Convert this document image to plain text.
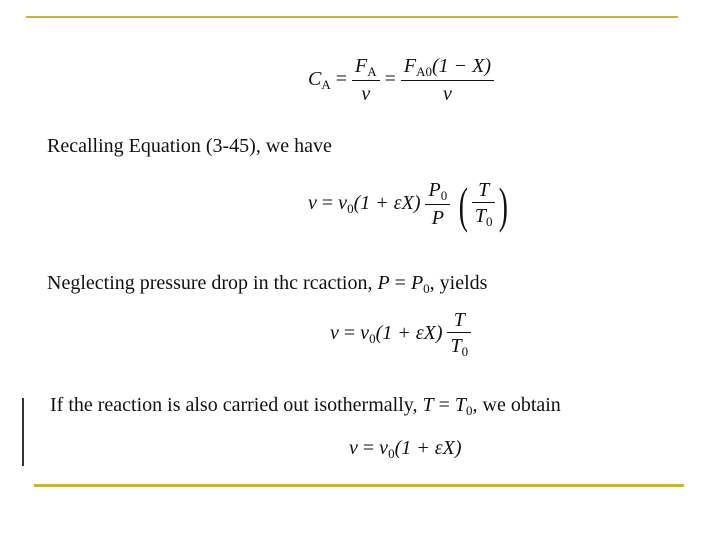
$C_A = \frac{F_A}{v} = \frac{F_{A0}(1 - X)}{v}$
Recalling Equation (3-45), we have
$v = v_0(1 + \varepsilon X) \frac{P_0}{P}$ ( $\frac{T}{T_0}$ )
Neglecting pressure drop in thc rcaction, $P = P_0$, yields
$v = v_0(1 + \varepsilon X) \frac{T}{T_0}$
If the reaction is also carried out isothermally, $T = T_0$, we obtain
$v = v_0(1 + \varepsilon X)$
